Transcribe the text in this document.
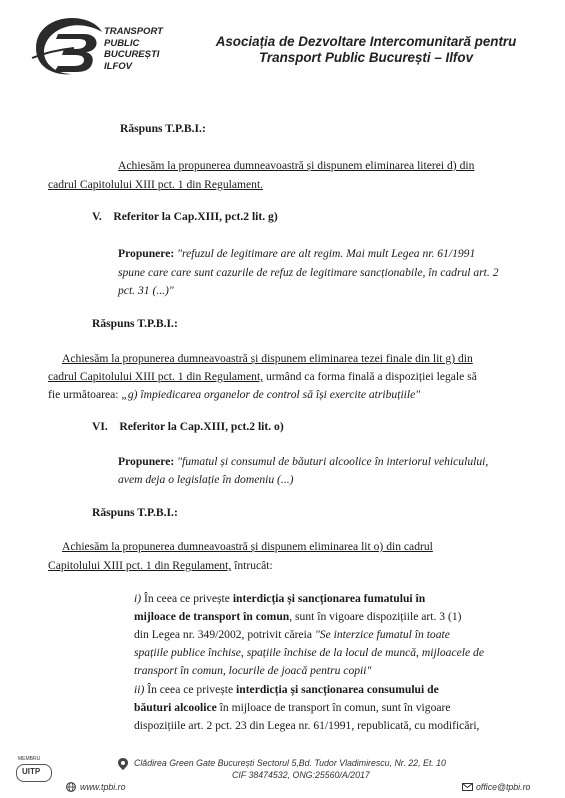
TRANSPORT
PUBLIC
BUCUREȘTI
ILFOV
Asociația de Dezvoltare Intercomunitară pentru
Transport Public București – Ilfov
Răspuns T.P.B.I.:
Achiesăm la propunerea dumneavoastră și dispunem eliminarea literei d) din
cadrul Capitolului XIII pct. 1 din Regulament.
V. Referitor la Cap.XIII, pct.2 lit. g)
Propunere: "refuzul de legitimare are alt regim. Mai mult Legea nr. 61/1991
spune care care sunt cazurile de refuz de legitimare sancționabile, în cadrul art. 2
pct. 31 (...)"
Răspuns T.P.B.I.:
Achiesăm la propunerea dumneavoastră și dispunem eliminarea tezei finale din lit g) din
cadrul Capitolului XIII pct. 1 din Regulament, urmând ca forma finală a dispoziției legale să
fie următoarea: „g) împiedicarea organelor de control să își exercite atribuțiile"
VI. Referitor la Cap.XIII, pct.2 lit. o)
Propunere: "fumatul și consumul de băuturi alcoolice în interiorul vehiculului,
avem deja o legislație în domeniu (...)
Răspuns T.P.B.I.:
Achiesăm la propunerea dumneavoastră și dispunem eliminarea lit o) din cadrul
Capitolului XIII pct. 1 din Regulament, întrucât:
i) În ceea ce privește interdicția și sancționarea fumatului în
mijloace de transport în comun, sunt în vigoare dispozițiile art. 3 (1)
din Legea nr. 349/2002, potrivit căreia "Se interzice fumatul în toate
spațiile publice închise, spațiile închise de la locul de muncă, mijloacele de
transport în comun, locurile de joacă pentru copii"
ii) În ceea ce privește interdicția și sancționarea consumului de
băuturi alcoolice în mijloace de transport în comun, sunt în vigoare
dispozițiile art. 2 pct. 23 din Legea nr. 61/1991, republicată, cu modificări,
MEMBRU
UITP
Clădirea Green Gate București Sectorul 5,Bd. Tudor Vladimirescu, Nr. 22, Et. 10
CIF 38474532, ONG:25560/A/2017
www.tpbi.ro	office@tpbi.ro
